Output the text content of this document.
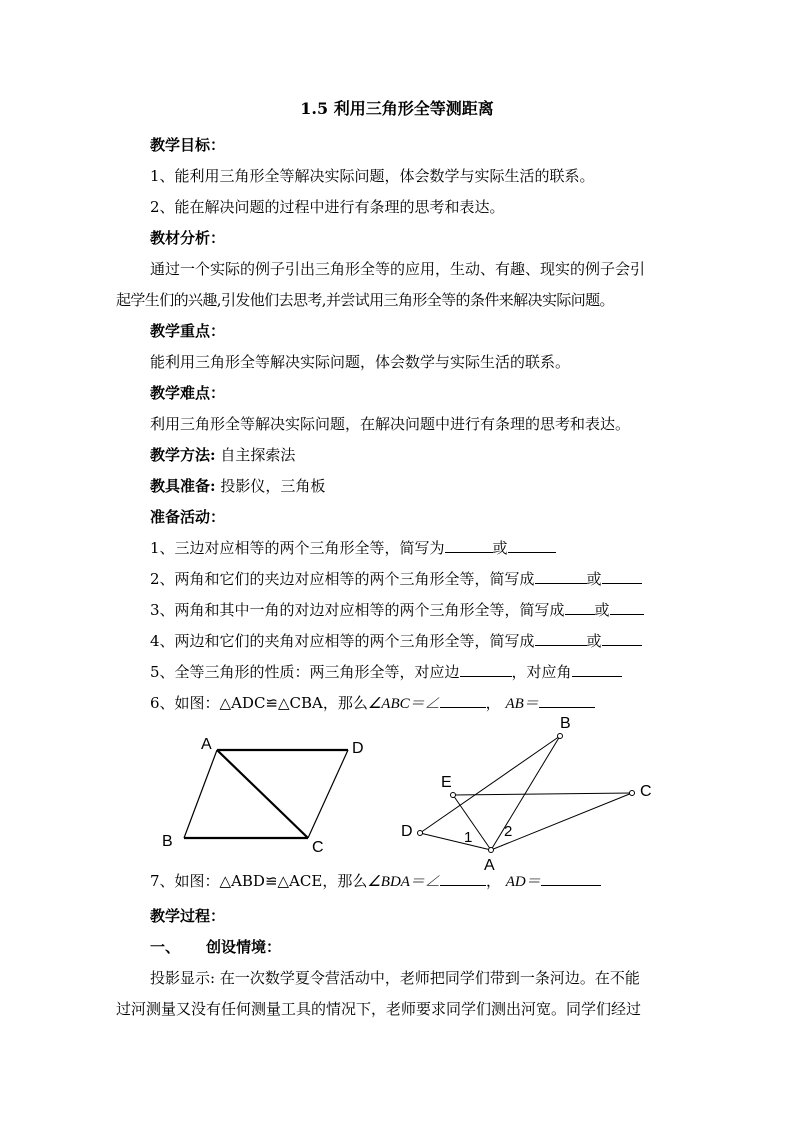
1.5 利用三角形全等测距离
教学目标：
1、能利用三角形全等解决实际问题，体会数学与实际生活的联系。
2、能在解决问题的过程中进行有条理的思考和表达。
教材分析：
通过一个实际的例子引出三角形全等的应用，生动、有趣、现实的例子会引
起学生们的兴趣,引发他们去思考,并尝试用三角形全等的条件来解决实际问题。
教学重点：
能利用三角形全等解决实际问题，体会数学与实际生活的联系。
教学难点：
利用三角形全等解决实际问题，在解决问题中进行有条理的思考和表达。
教学方法: 自主探索法
教具准备: 投影仪，三角板
准备活动：
1、三边对应相等的两个三角形全等，简写为	或
2、两角和它们的夹边对应相等的两个三角形全等，简写成	或
3、两角和其中一角的对边对应相等的两个三角形全等，简写成 或
4、两边和它们的夹角对应相等的两个三角形全等，简写成	或
5、全等三角形的性质：两三角形全等，对应边	，对应角
6、如图：△ADC≌△CBA，那么∠ABC＝∠	， AB＝
A	D
B	C
B
E
C
D	1 2
A
7、如图：△ABD≌△ACE，那么∠BDA＝∠	， AD＝
教学过程：
一、 创设情境：
投影显示: 在一次数学夏令营活动中，老师把同学们带到一条河边。在不能
过河测量又没有任何测量工具的情况下，老师要求同学们测出河宽。同学们经过
